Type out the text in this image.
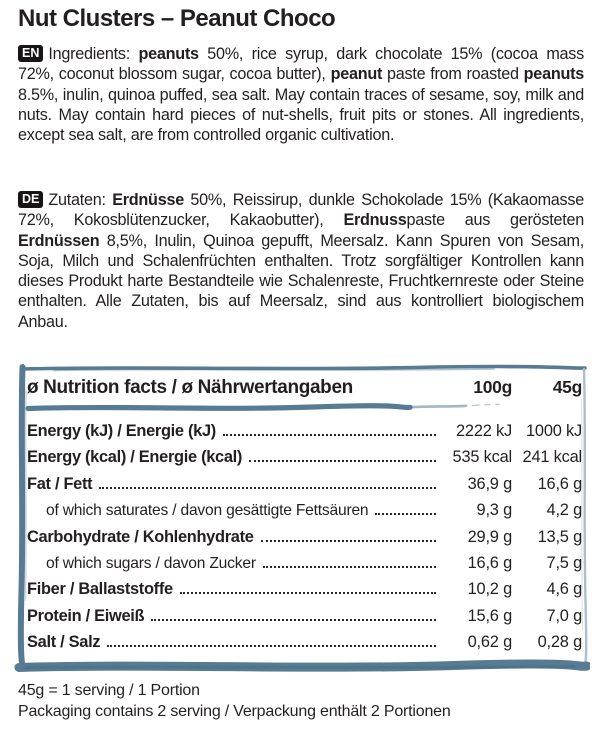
Nut Clusters – Peanut Choco

EN Ingredients: peanuts 50%, rice syrup, dark chocolate 15% (cocoa mass 72%, coconut blossom sugar, cocoa butter), peanut paste from roasted peanuts 8.5%, inulin, quinoa puffed, sea salt. May contain traces of sesame, soy, milk and nuts. May contain hard pieces of nut-shells, fruit pits or stones. All ingredients, except sea salt, are from controlled organic cultivation.

DE Zutaten: Erdnüsse 50%, Reissirup, dunkle Schokolade 15% (Kakaomasse 72%, Kokosblütenzucker, Kakaobutter), Erdnusspaste aus gerösteten Erdnüssen 8,5%, Inulin, Quinoa gepufft, Meersalz. Kann Spuren von Sesam, Soja, Milch und Schalenfrüchten enthalten. Trotz sorgfältiger Kontrollen kann dieses Produkt harte Bestandteile wie Schalenreste, Fruchtkernreste oder Steine enthalten. Alle Zutaten, bis auf Meersalz, sind aus kontrolliert biologischem Anbau.

ø Nutrition facts / ø Nährwertangaben	100g	45g
Energy (kJ) / Energie (kJ)	2222 kJ 1000 kJ
Energy (kcal) / Energie (kcal)	535 kcal 241 kcal
Fat / Fett	36,9 g	16,6 g
of which saturates / davon gesättigte Fettsäuren	9,3 g	4,2 g
Carbohydrate / Kohlenhydrate	29,9 g	13,5 g
of which sugars / davon Zucker	16,6 g	7,5 g
Fiber / Ballaststoffe	10,2 g	4,6 g
Protein / Eiweiß	15,6 g	7,0 g
Salt / Salz	0,62 g	0,28 g

45g = 1 serving / 1 Portion

Packaging contains 2 serving / Verpackung enthält 2 Portionen
